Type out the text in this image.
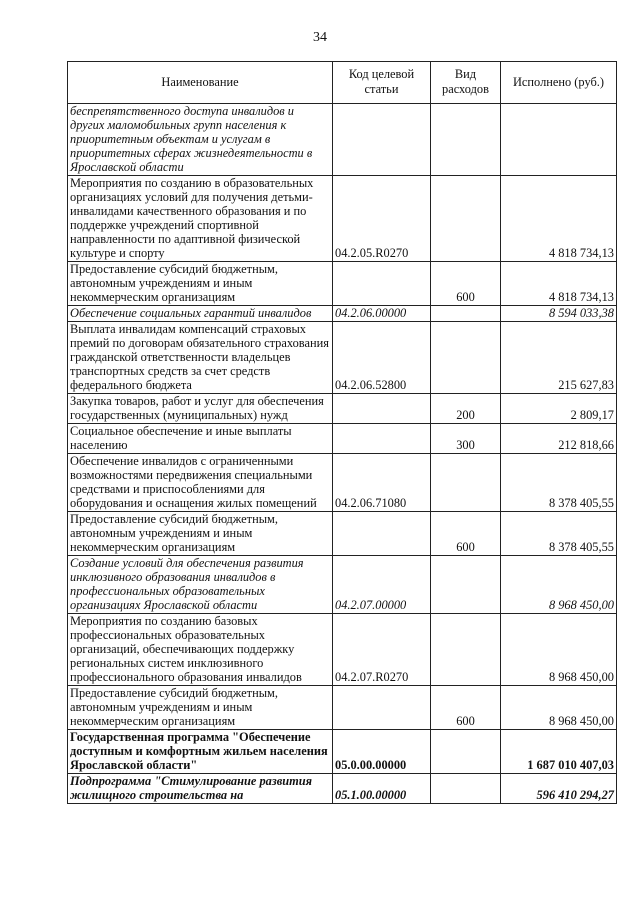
34
Наименование	Код целевой статьи	Вид расходов	Исполнено (руб.)
беспрепятственного доступа инвалидов и других маломобильных групп населения к приоритетным объектам и услугам в приоритетных сферах жизнедеятельности в Ярославской области			
Мероприятия по созданию в образовательных организациях условий для получения детьми-инвалидами качественного образования и по поддержке учреждений спортивной направленности по адаптивной физической культуре и спорту	04.2.05.R0270		4 818 734,13
Предоставление субсидий бюджетным, автономным учреждениям и иным некоммерческим организациям		600	4 818 734,13
Обеспечение социальных гарантий инвалидов	04.2.06.00000		8 594 033,38
Выплата инвалидам компенсаций страховых премий по договорам обязательного страхования гражданской ответственности владельцев транспортных средств за счет средств федерального бюджета	04.2.06.52800		215 627,83
Закупка товаров, работ и услуг для обеспечения государственных (муниципальных) нужд		200	2 809,17
Социальное обеспечение и иные выплаты населению		300	212 818,66
Обеспечение инвалидов с ограниченными возможностями передвижения специальными средствами и приспособлениями для оборудования и оснащения жилых помещений	04.2.06.71080		8 378 405,55
Предоставление субсидий бюджетным, автономным учреждениям и иным некоммерческим организациям		600	8 378 405,55
Создание условий для обеспечения развития инклюзивного образования инвалидов в профессиональных образовательных организациях Ярославской области	04.2.07.00000		8 968 450,00
Мероприятия по созданию базовых профессиональных образовательных организаций, обеспечивающих поддержку региональных систем инклюзивного профессионального образования инвалидов	04.2.07.R0270		8 968 450,00
Предоставление субсидий бюджетным, автономным учреждениям и иным некоммерческим организациям		600	8 968 450,00
Государственная программа "Обеспечение доступным и комфортным жильем населения Ярославской области"	05.0.00.00000		1 687 010 407,03
Подпрограмма "Стимулирование развития жилищного строительства на	05.1.00.00000		596 410 294,27
